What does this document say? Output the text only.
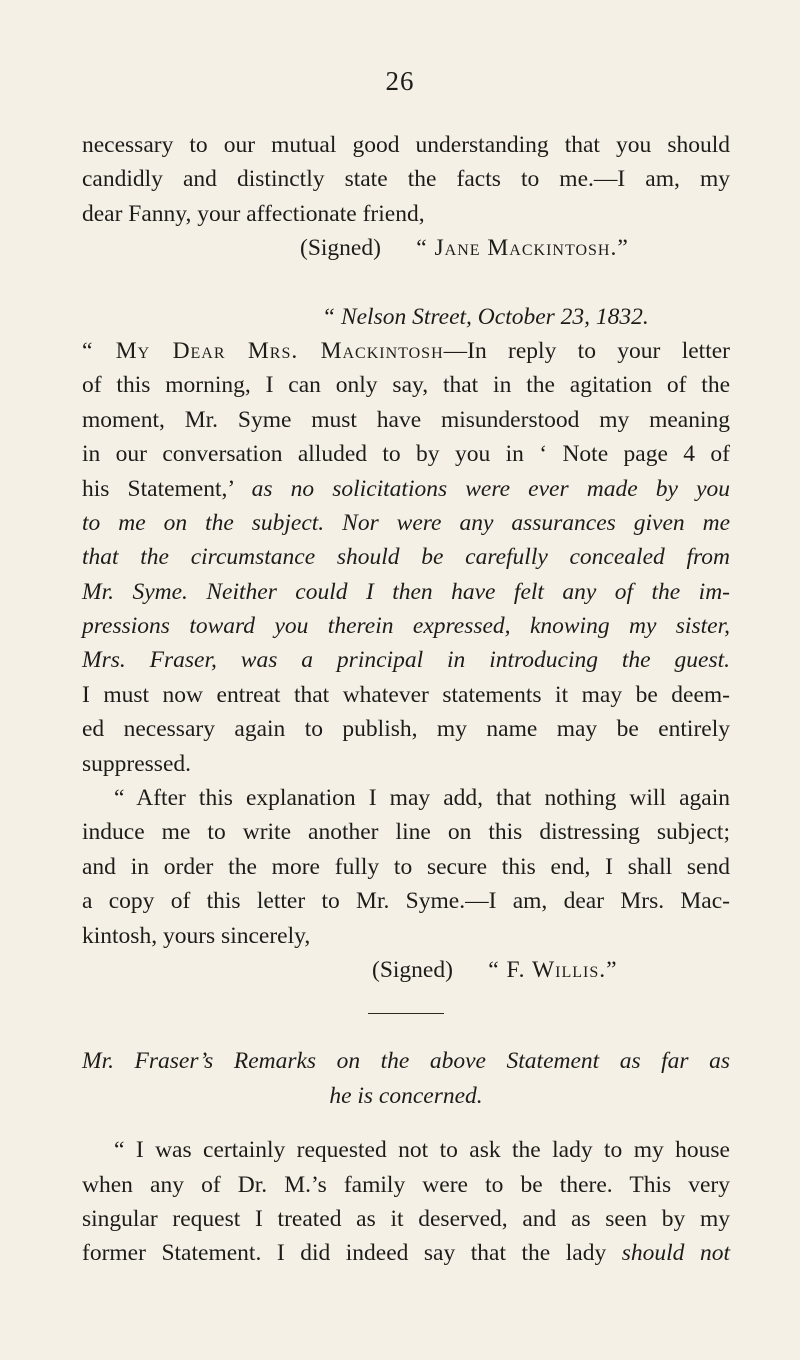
26
necessary to our mutual good understanding that you should
candidly and distinctly state the facts to me.—I am, my
dear Fanny, your affectionate friend,
(Signed) “ Jane Mackintosh.”
“ Nelson Street, October 23, 1832.
“ My Dear Mrs. Mackintosh—In reply to your letter
of this morning, I can only say, that in the agitation of the
moment, Mr. Syme must have misunderstood my meaning
in our conversation alluded to by you in ‘ Note page 4 of
his Statement,’ as no solicitations were ever made by you
to me on the subject. Nor were any assurances given me
that the circumstance should be carefully concealed from
Mr. Syme. Neither could I then have felt any of the im-
pressions toward you therein expressed, knowing my sister,
Mrs. Fraser, was a principal in introducing the guest.
I must now entreat that whatever statements it may be deem-
ed necessary again to publish, my name may be entirely
suppressed.
“ After this explanation I may add, that nothing will again
induce me to write another line on this distressing subject;
and in order the more fully to secure this end, I shall send
a copy of this letter to Mr. Syme.—I am, dear Mrs. Mac-
kintosh, yours sincerely,
(Signed) “ F. Willis.”
Mr. Fraser’s Remarks on the above Statement as far as
he is concerned.
“ I was certainly requested not to ask the lady to my house
when any of Dr. M.’s family were to be there. This very
singular request I treated as it deserved, and as seen by my
former Statement. I did indeed say that the lady should not
